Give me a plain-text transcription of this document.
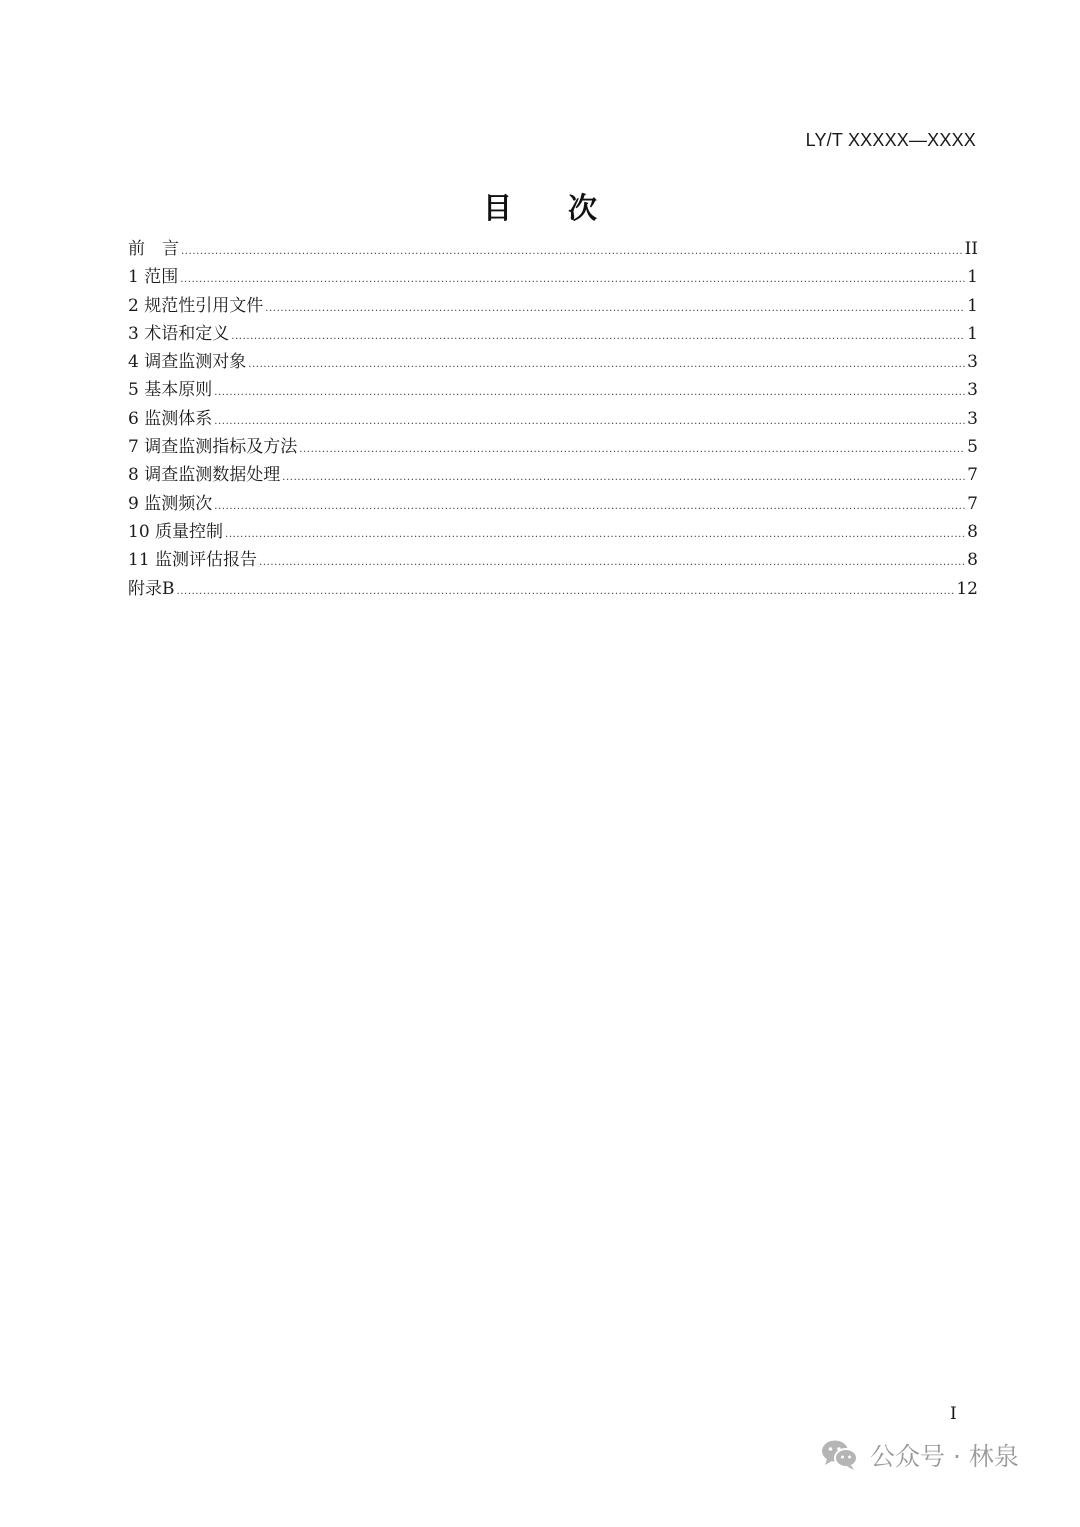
LY/T XXXXX—XXXX
目 次
前　言 .....	II
1 范围 .....	1
2 规范性引用文件 .....	1
3 术语和定义 .....	1
4 调查监测对象 .....	3
5 基本原则 .....	3
6 监测体系 .....	3
7 调查监测指标及方法 .....	5
8 调查监测数据处理 .....	7
9 监测频次 .....	7
10 质量控制 .....	8
11 监测评估报告 .....	8
附录B .....	12
I
公众号 · 林泉
